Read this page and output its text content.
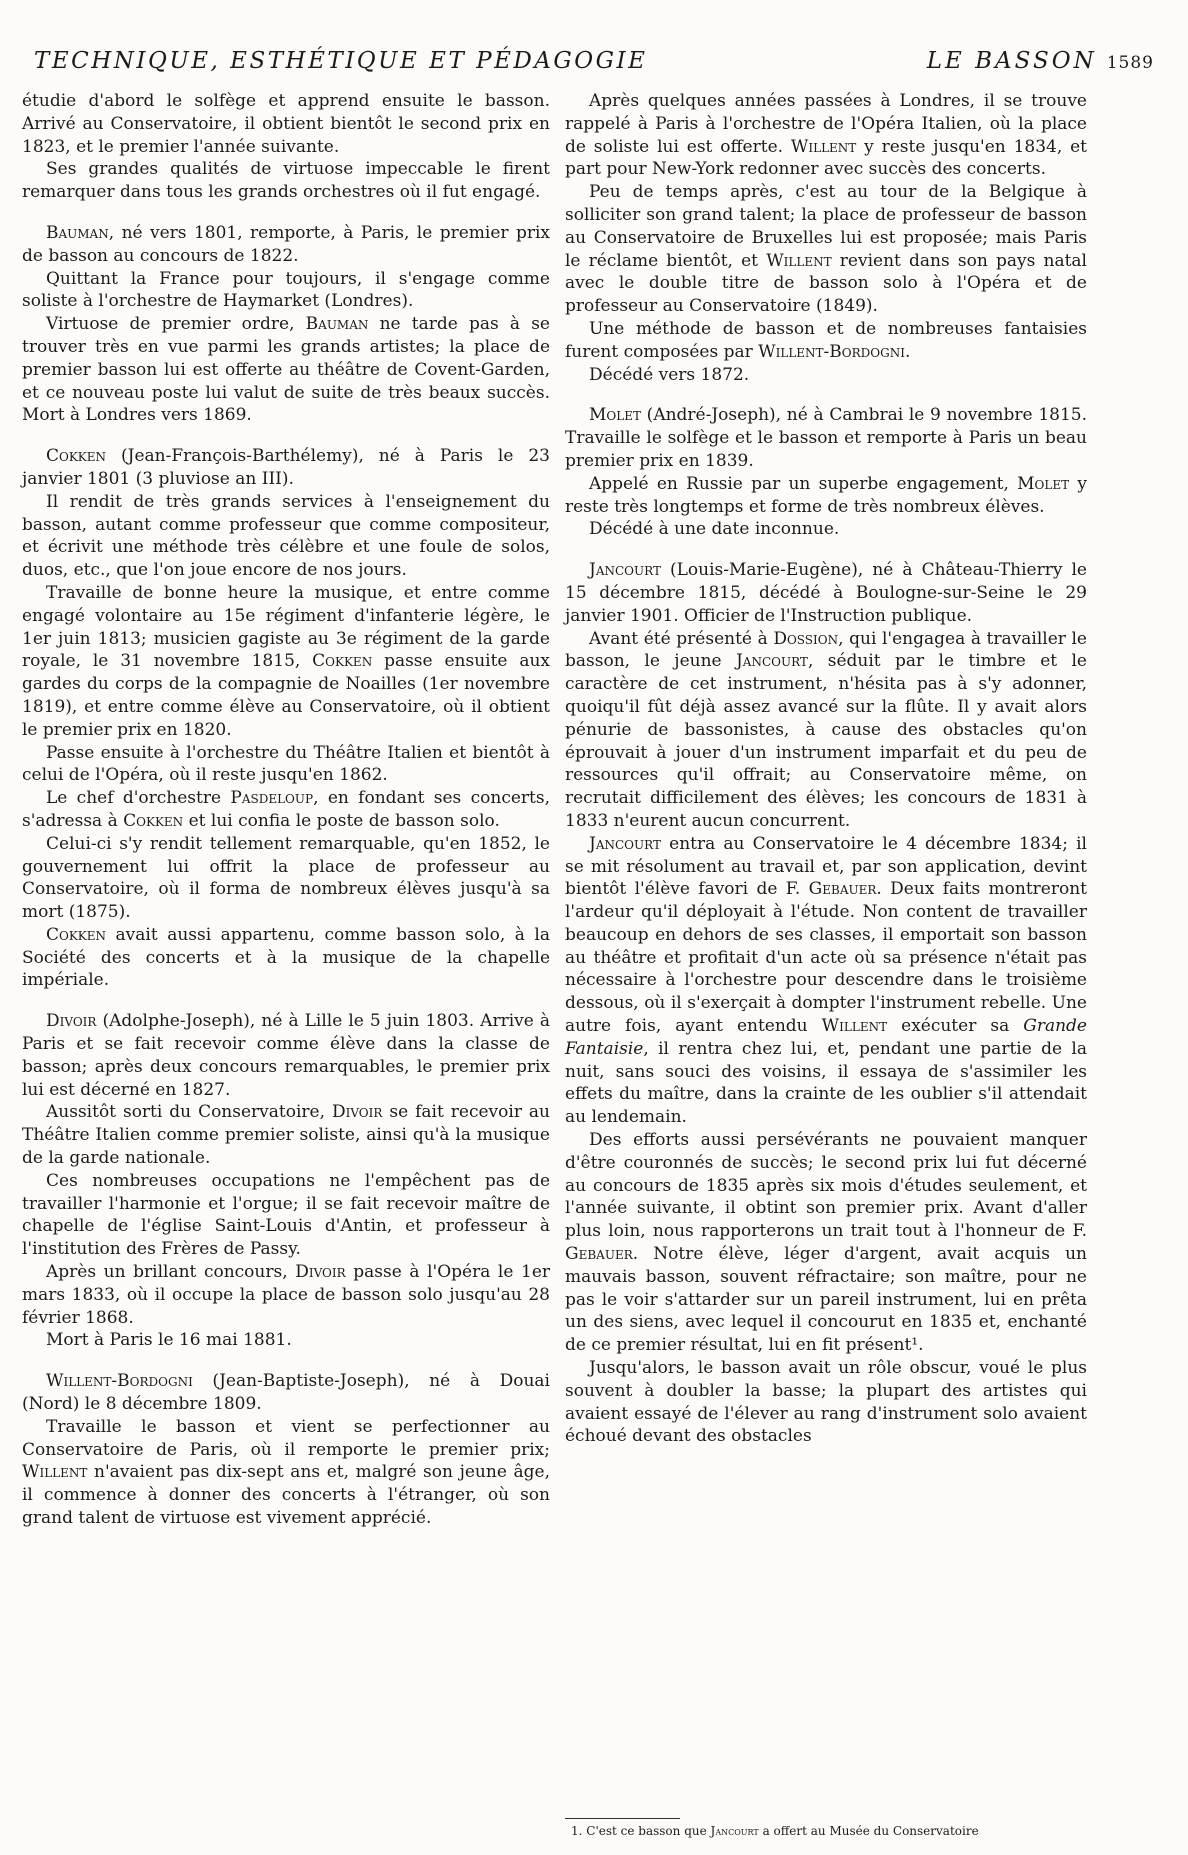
TECHNIQUE, ESTHÉTIQUE ET PÉDAGOGIE	LE BASSON 1589

étudie d'abord le solfège et apprend ensuite le basson. Arrivé au Conservatoire, il obtient bientôt le second prix en 1823, et le premier l'année suivante.

Ses grandes qualités de virtuose impeccable le firent remarquer dans tous les grands orchestres où il fut engagé.

Bauman, né vers 1801, remporte, à Paris, le premier prix de basson au concours de 1822.

Quittant la France pour toujours, il s'engage comme soliste à l'orchestre de Haymarket (Londres).

Virtuose de premier ordre, Bauman ne tarde pas à se trouver très en vue parmi les grands artistes; la place de premier basson lui est offerte au théâtre de Covent-Garden, et ce nouveau poste lui valut de suite de très beaux succès. Mort à Londres vers 1869.

Cokken (Jean-François-Barthélemy), né à Paris le 23 janvier 1801 (3 pluviose an III).

Il rendit de très grands services à l'enseignement du basson, autant comme professeur que comme compositeur, et écrivit une méthode très célèbre et une foule de solos, duos, etc., que l'on joue encore de nos jours.

Travaille de bonne heure la musique, et entre comme engagé volontaire au 15e régiment d'infanterie légère, le 1er juin 1813; musicien gagiste au 3e régiment de la garde royale, le 31 novembre 1815, Cokken passe ensuite aux gardes du corps de la compagnie de Noailles (1er novembre 1819), et entre comme élève au Conservatoire, où il obtient le premier prix en 1820.

Passe ensuite à l'orchestre du Théâtre Italien et bientôt à celui de l'Opéra, où il reste jusqu'en 1862.

Le chef d'orchestre Pasdeloup, en fondant ses concerts, s'adressa à Cokken et lui confia le poste de basson solo.

Celui-ci s'y rendit tellement remarquable, qu'en 1852, le gouvernement lui offrit la place de professeur au Conservatoire, où il forma de nombreux élèves jusqu'à sa mort (1875).

Cokken avait aussi appartenu, comme basson solo, à la Société des concerts et à la musique de la chapelle impériale.

Divoir (Adolphe-Joseph), né à Lille le 5 juin 1803. Arrive à Paris et se fait recevoir comme élève dans la classe de basson; après deux concours remarquables, le premier prix lui est décerné en 1827.

Aussitôt sorti du Conservatoire, Divoir se fait recevoir au Théâtre Italien comme premier soliste, ainsi qu'à la musique de la garde nationale.

Ces nombreuses occupations ne l'empêchent pas de travailler l'harmonie et l'orgue; il se fait recevoir maître de chapelle de l'église Saint-Louis d'Antin, et professeur à l'institution des Frères de Passy.

Après un brillant concours, Divoir passe à l'Opéra le 1er mars 1833, où il occupe la place de basson solo jusqu'au 28 février 1868.

Mort à Paris le 16 mai 1881.

Willent-Bordogni (Jean-Baptiste-Joseph), né à Douai (Nord) le 8 décembre 1809.

Travaille le basson et vient se perfectionner au Conservatoire de Paris, où il remporte le premier prix; Willent n'avaient pas dix-sept ans et, malgré son jeune âge, il commence à donner des concerts à l'étranger, où son grand talent de virtuose est vivement apprécié.

Après quelques années passées à Londres, il se trouve rappelé à Paris à l'orchestre de l'Opéra Italien, où la place de soliste lui est offerte. Willent y reste jusqu'en 1834, et part pour New-York redonner avec succès des concerts.

Peu de temps après, c'est au tour de la Belgique à solliciter son grand talent; la place de professeur de basson au Conservatoire de Bruxelles lui est proposée; mais Paris le réclame bientôt, et Willent revient dans son pays natal avec le double titre de basson solo à l'Opéra et de professeur au Conservatoire (1849).

Une méthode de basson et de nombreuses fantaisies furent composées par Willent-Bordogni.

Décédé vers 1872.

Molet (André-Joseph), né à Cambrai le 9 novembre 1815. Travaille le solfège et le basson et remporte à Paris un beau premier prix en 1839.

Appelé en Russie par un superbe engagement, Molet y reste très longtemps et forme de très nombreux élèves.

Décédé à une date inconnue.

Jancourt (Louis-Marie-Eugène), né à Château-Thierry le 15 décembre 1815, décédé à Boulogne-sur-Seine le 29 janvier 1901. Officier de l'Instruction publique.

Avant été présenté à Dossion, qui l'engagea à travailler le basson, le jeune Jancourt, séduit par le timbre et le caractère de cet instrument, n'hésita pas à s'y adonner, quoiqu'il fût déjà assez avancé sur la flûte. Il y avait alors pénurie de bassonistes, à cause des obstacles qu'on éprouvait à jouer d'un instrument imparfait et du peu de ressources qu'il offrait; au Conservatoire même, on recrutait difficilement des élèves; les concours de 1831 à 1833 n'eurent aucun concurrent.

Jancourt entra au Conservatoire le 4 décembre 1834; il se mit résolument au travail et, par son application, devint bientôt l'élève favori de F. Gebauer. Deux faits montreront l'ardeur qu'il déployait à l'étude. Non content de travailler beaucoup en dehors de ses classes, il emportait son basson au théâtre et profitait d'un acte où sa présence n'était pas nécessaire à l'orchestre pour descendre dans le troisième dessous, où il s'exerçait à dompter l'instrument rebelle. Une autre fois, ayant entendu Willent exécuter sa Grande Fantaisie, il rentra chez lui, et, pendant une partie de la nuit, sans souci des voisins, il essaya de s'assimiler les effets du maître, dans la crainte de les oublier s'il attendait au lendemain.

Des efforts aussi persévérants ne pouvaient manquer d'être couronnés de succès; le second prix lui fut décerné au concours de 1835 après six mois d'études seulement, et l'année suivante, il obtint son premier prix. Avant d'aller plus loin, nous rapporterons un trait tout à l'honneur de F. Gebauer. Notre élève, léger d'argent, avait acquis un mauvais basson, souvent réfractaire; son maître, pour ne pas le voir s'attarder sur un pareil instrument, lui en prêta un des siens, avec lequel il concourut en 1835 et, enchanté de ce premier résultat, lui en fit présent¹.

Jusqu'alors, le basson avait un rôle obscur, voué le plus souvent à doubler la basse; la plupart des artistes qui avaient essayé de l'élever au rang d'instrument solo avaient échoué devant des obstacles

1. C'est ce basson que Jancourt a offert au Musée du Conservatoire
